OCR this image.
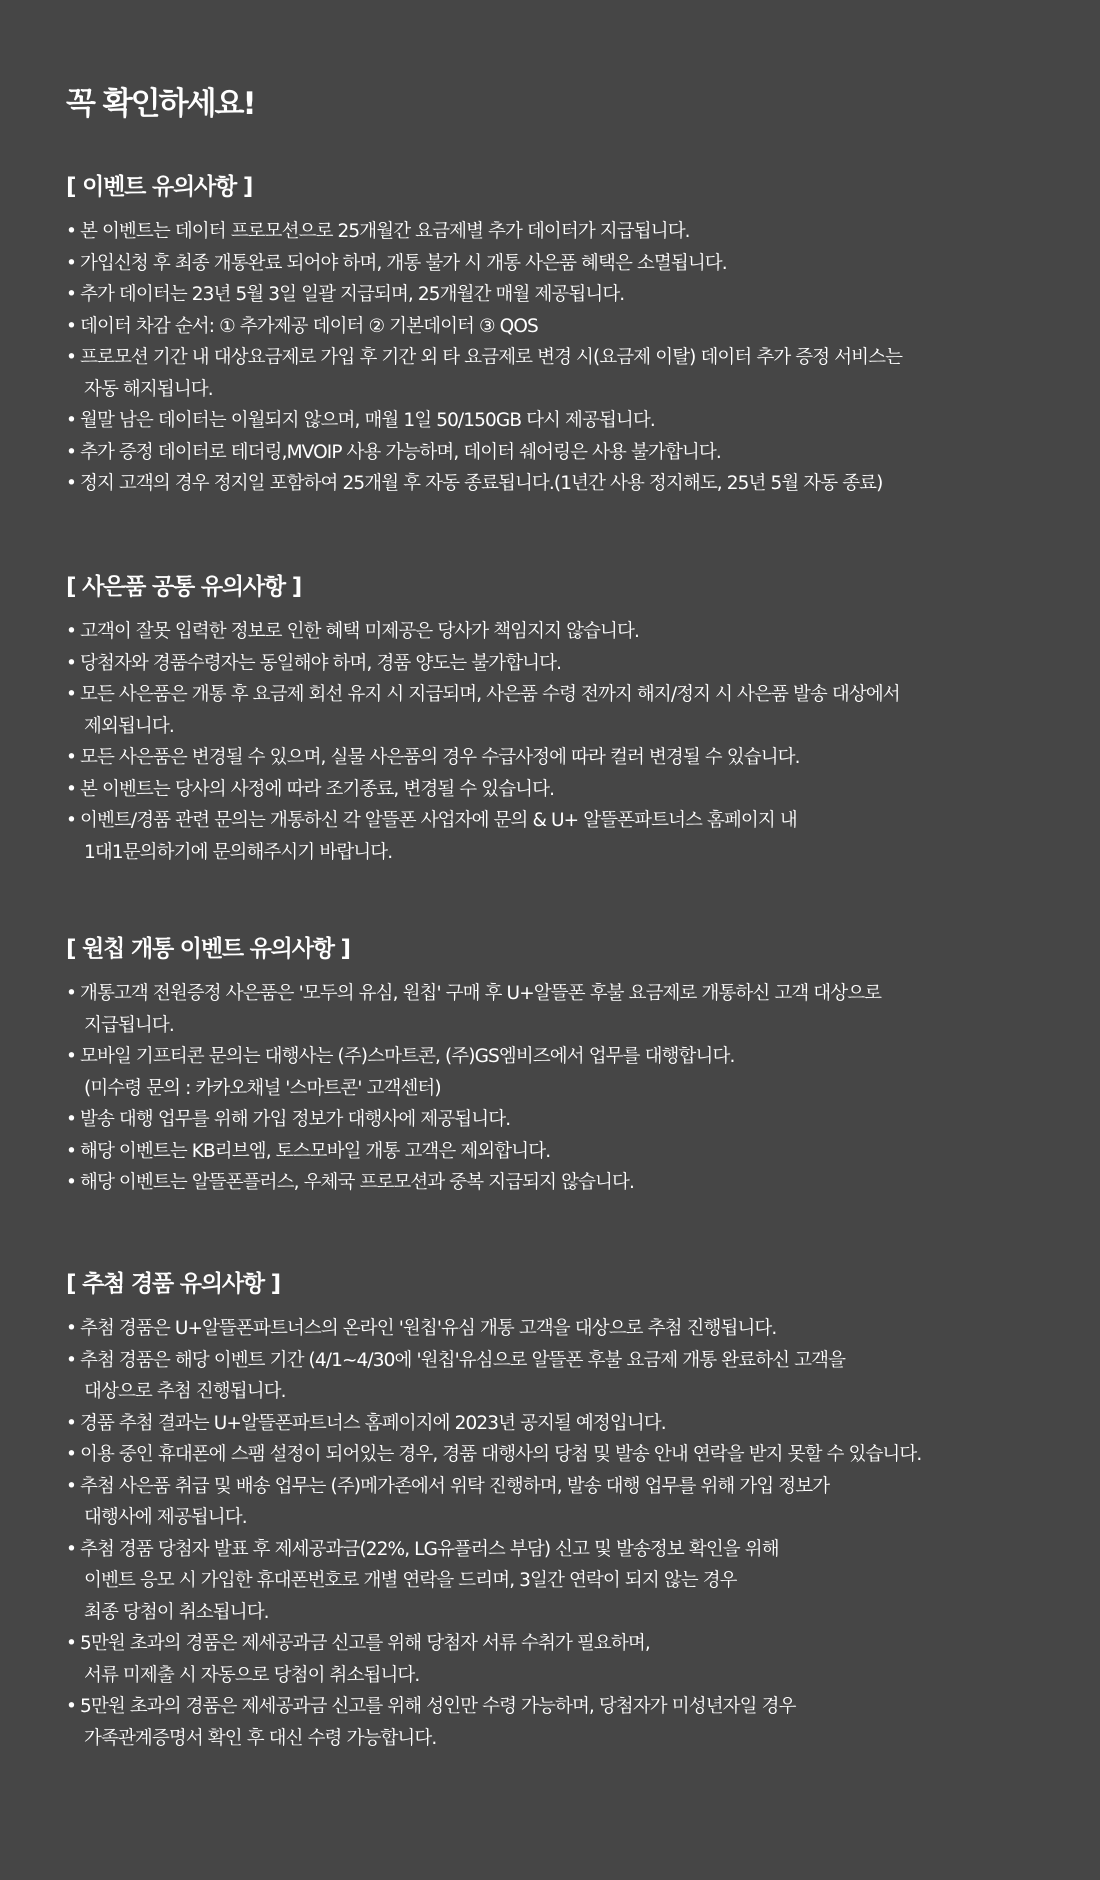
꼭 확인하세요!
[ 이벤트 유의사항 ]
• 본 이벤트는 데이터 프로모션으로 25개월간 요금제별 추가 데이터가 지급됩니다.
• 가입신청 후 최종 개통완료 되어야 하며, 개통 불가 시 개통 사은품 혜택은 소멸됩니다.
• 추가 데이터는 23년 5월 3일 일괄 지급되며, 25개월간 매월 제공됩니다.
• 데이터 차감 순서: ① 추가제공 데이터 ② 기본데이터 ③ QOS
• 프로모션 기간 내 대상요금제로 가입 후 기간 외 타 요금제로 변경 시(요금제 이탈) 데이터 추가 증정 서비스는
자동 해지됩니다.
• 월말 남은 데이터는 이월되지 않으며, 매월 1일 50/150GB 다시 제공됩니다.
• 추가 증정 데이터로 테더링,MVOIP 사용 가능하며, 데이터 쉐어링은 사용 불가합니다.
• 정지 고객의 경우 정지일 포함하여 25개월 후 자동 종료됩니다.(1년간 사용 정지해도, 25년 5월 자동 종료)
[ 사은품 공통 유의사항 ]
• 고객이 잘못 입력한 정보로 인한 혜택 미제공은 당사가 책임지지 않습니다.
• 당첨자와 경품수령자는 동일해야 하며, 경품 양도는 불가합니다.
• 모든 사은품은 개통 후 요금제 회선 유지 시 지급되며, 사은품 수령 전까지 해지/정지 시 사은품 발송 대상에서
제외됩니다.
• 모든 사은품은 변경될 수 있으며, 실물 사은품의 경우 수급사정에 따라 컬러 변경될 수 있습니다.
• 본 이벤트는 당사의 사정에 따라 조기종료, 변경될 수 있습니다.
• 이벤트/경품 관련 문의는 개통하신 각 알뜰폰 사업자에 문의 & U+ 알뜰폰파트너스 홈페이지 내
1대1문의하기에 문의해주시기 바랍니다.
[ 원칩 개통 이벤트 유의사항 ]
• 개통고객 전원증정 사은품은 '모두의 유심, 원칩' 구매 후 U+알뜰폰 후불 요금제로 개통하신 고객 대상으로
지급됩니다.
• 모바일 기프티콘 문의는 대행사는 (주)스마트콘, (주)GS엠비즈에서 업무를 대행합니다.
(미수령 문의 : 카카오채널 '스마트콘' 고객센터)
• 발송 대행 업무를 위해 가입 정보가 대행사에 제공됩니다.
• 해당 이벤트는 KB리브엠, 토스모바일 개통 고객은 제외합니다.
• 해당 이벤트는 알뜰폰플러스, 우체국 프로모션과 중복 지급되지 않습니다.
[ 추첨 경품 유의사항 ]
• 추첨 경품은 U+알뜰폰파트너스의 온라인 '원칩'유심 개통 고객을 대상으로 추첨 진행됩니다.
• 추첨 경품은 해당 이벤트 기간 (4/1~4/30에 '원칩'유심으로 알뜰폰 후불 요금제 개통 완료하신 고객을
대상으로 추첨 진행됩니다.
• 경품 추첨 결과는 U+알뜰폰파트너스 홈페이지에 2023년 공지될 예정입니다.
• 이용 중인 휴대폰에 스팸 설정이 되어있는 경우, 경품 대행사의 당첨 및 발송 안내 연락을 받지 못할 수 있습니다.
• 추첨 사은품 취급 및 배송 업무는 (주)메가존에서 위탁 진행하며, 발송 대행 업무를 위해 가입 정보가
대행사에 제공됩니다.
• 추첨 경품 당첨자 발표 후 제세공과금(22%, LG유플러스 부담) 신고 및 발송정보 확인을 위해
이벤트 응모 시 가입한 휴대폰번호로 개별 연락을 드리며, 3일간 연락이 되지 않는 경우
최종 당첨이 취소됩니다.
• 5만원 초과의 경품은 제세공과금 신고를 위해 당첨자 서류 수취가 필요하며,
서류 미제출 시 자동으로 당첨이 취소됩니다.
• 5만원 초과의 경품은 제세공과금 신고를 위해 성인만 수령 가능하며, 당첨자가 미성년자일 경우
가족관계증명서 확인 후 대신 수령 가능합니다.
